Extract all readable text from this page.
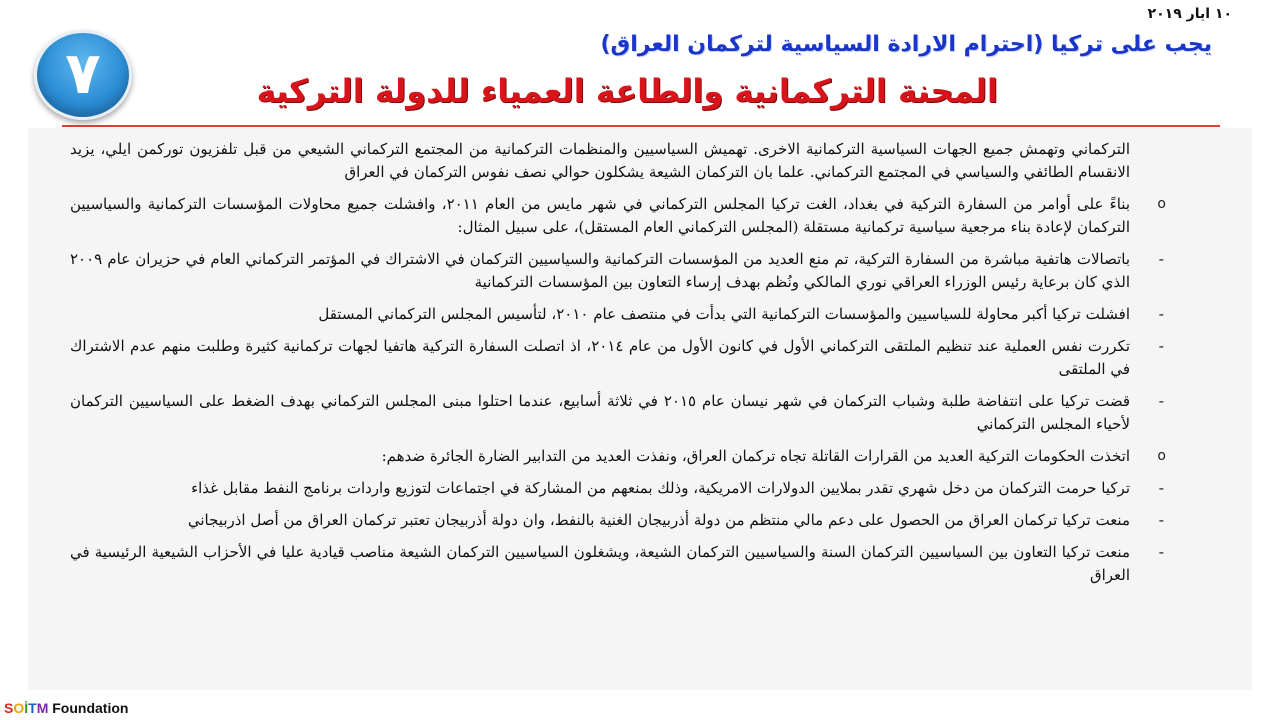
١٠ ايار ٢٠١٩
٧	يجب على تركيا (احترام الارادة السياسية لتركمان العراق)
المحنة التركمانية والطاعة العمياء للدولة التركية
التركماني وتهمش جميع الجهات السياسية التركمانية الاخرى. تهميش السياسيين والمنظمات التركمانية من المجتمع التركماني الشيعي من قبل تلفزيون توركمن ايلي، يزيد الانقسام الطائفي والسياسي في المجتمع التركماني. علما بان التركمان الشيعة يشكلون حوالي نصف نفوس التركمان في العراق
o
بناءً على أوامر من السفارة التركية في بغداد، الغت تركيا المجلس التركماني في شهر مايس من العام ٢٠١١، وافشلت جميع محاولات المؤسسات التركمانية والسياسيين التركمان لإعادة بناء مرجعية سياسية تركمانية مستقلة (المجلس التركماني العام المستقل)، على سبيل المثال:
-
باتصالات هاتفية مباشرة من السفارة التركية، تم منع العديد من المؤسسات التركمانية والسياسيين التركمان في الاشتراك في المؤتمر التركماني العام في حزيران عام ٢٠٠٩ الذي كان برعاية رئيس الوزراء العراقي نوري المالكي ونُظم بهدف إرساء التعاون بين المؤسسات التركمانية
-
افشلت تركيا أكبر محاولة للسياسيين والمؤسسات التركمانية التي بدأت في منتصف عام ٢٠١٠، لتأسيس المجلس التركماني المستقل
-
تكررت نفس العملية عند تنظيم الملتقى التركماني الأول في كانون الأول من عام ٢٠١٤، اذ اتصلت السفارة التركية هاتفيا لجهات تركمانية كثيرة وطلبت منهم عدم الاشتراك في الملتقى
-
قضت تركيا على انتفاضة طلبة وشباب التركمان في شهر نيسان عام ٢٠١٥ في ثلاثة أسابيع، عندما احتلوا مبنى المجلس التركماني بهدف الضغط على السياسيين التركمان لأحياء المجلس التركماني
o
اتخذت الحكومات التركية العديد من القرارات القاتلة تجاه تركمان العراق، ونفذت العديد من التدابير الضارة الجائرة ضدهم:
-
تركيا حرمت التركمان من دخل شهري تقدر بملايين الدولارات الامريكية، وذلك بمنعهم من المشاركة في اجتماعات لتوزيع واردات برنامج النفط مقابل غذاء
-
منعت تركيا تركمان العراق من الحصول على دعم مالي منتظم من دولة أذربيجان الغنية بالنفط، وان دولة أذربيجان تعتبر تركمان العراق من أصل اذربيجاني
-
منعت تركيا التعاون بين السياسيين التركمان السنة والسياسيين التركمان الشيعة، ويشغلون السياسيين التركمان الشيعة مناصب قيادية عليا في الأحزاب الشيعية الرئيسية في العراق
SOİTM Foundation
